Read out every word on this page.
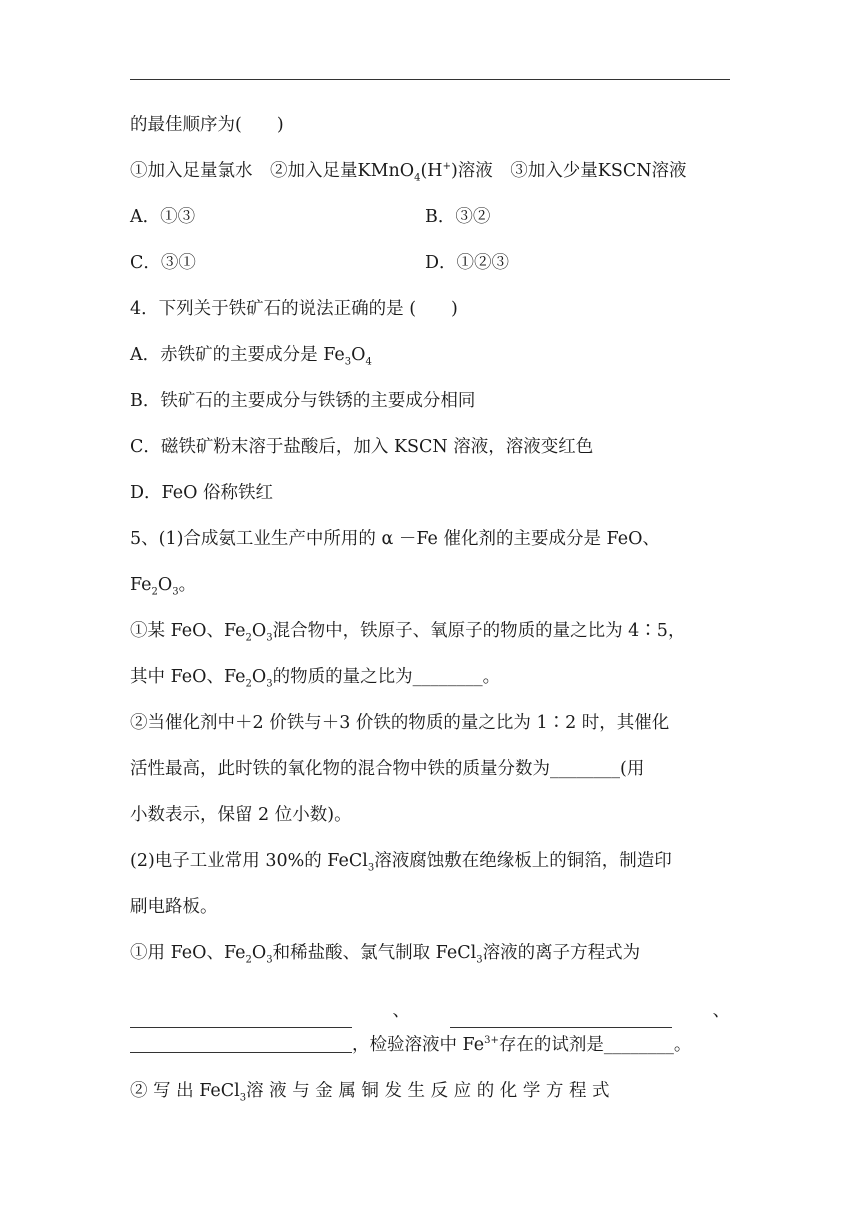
的最佳顺序为(　　)
①加入足量氯水　②加入足量KMnO$_4$(H+)溶液　③加入少量KSCN溶液
A．①③	B．③②
C．③①	D．①②③
4．下列关于铁矿石的说法正确的是 (　　)
A．赤铁矿的主要成分是 $Fe_3O_4$
B．铁矿石的主要成分与铁锈的主要成分相同
C．磁铁矿粉末溶于盐酸后，加入 KSCN 溶液，溶液变红色
D．FeO 俗称铁红
5、(1)合成氨工业生产中所用的 α －Fe 催化剂的主要成分是 FeO、
$Fe_2O_3$。
①某 FeO、$Fe_2O_3$混合物中，铁原子、氧原子的物质的量之比为 4∶5，
其中 FeO、$Fe_2O_3$的物质的量之比为________。
②当催化剂中＋2 价铁与＋3 价铁的物质的量之比为 1∶2 时，其催化
活性最高，此时铁的氧化物的混合物中铁的质量分数为________(用
小数表示，保留 2 位小数)。
(2)电子工业常用 30%的 FeCl$_3$溶液腐蚀敷在绝缘板上的铜箔，制造印
刷电路板。
①用 FeO、$Fe_2O_3$和稀盐酸、氯气制取 FeCl$_3$溶液的离子方程式为
、	、
，检验溶液中 $Fe^{3+}$存在的试剂是________。
② 写 出 FeCl$_3$溶 液 与 金 属 铜 发 生 反 应 的 化 学 方 程 式
